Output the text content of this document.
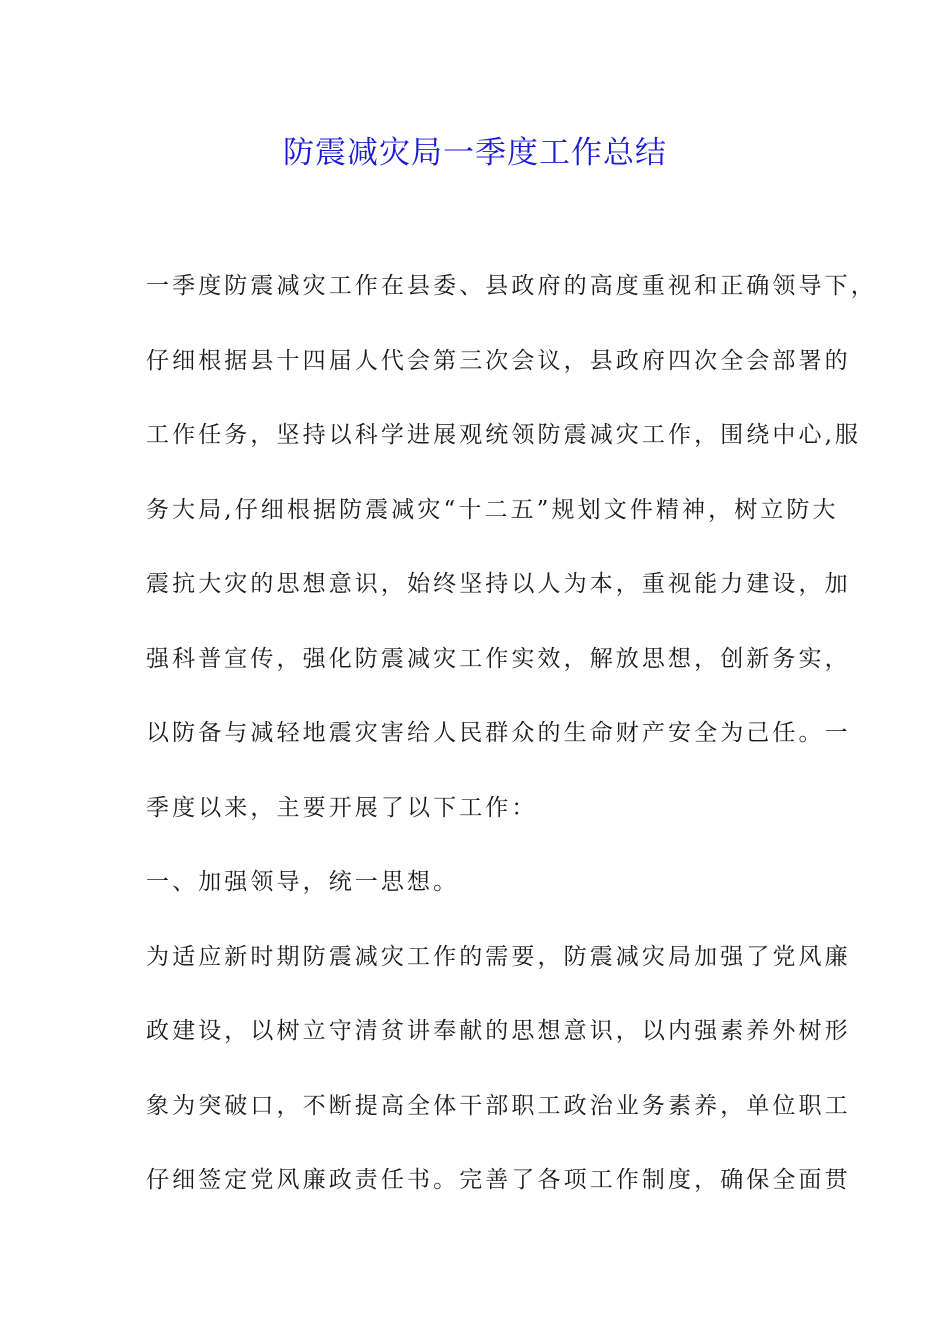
防震减灾局一季度工作总结
一季度防震减灾工作在县委、县政府的高度重视和正确领导下，
仔细根据县十四届人代会第三次会议，县政府四次全会部署的
工作任务，坚持以科学进展观统领防震减灾工作，围绕中心,服
务大局,仔细根据防震减灾“十二五”规划文件精神，树立防大
震抗大灾的思想意识，始终坚持以人为本，重视能力建设，加
强科普宣传，强化防震减灾工作实效，解放思想，创新务实，
以防备与减轻地震灾害给人民群众的生命财产安全为己任。一
季度以来，主要开展了以下工作：
一、加强领导，统一思想。
为适应新时期防震减灾工作的需要，防震减灾局加强了党风廉
政建设，以树立守清贫讲奉献的思想意识，以内强素养外树形
象为突破口，不断提高全体干部职工政治业务素养，单位职工
仔细签定党风廉政责任书。完善了各项工作制度，确保全面贯
